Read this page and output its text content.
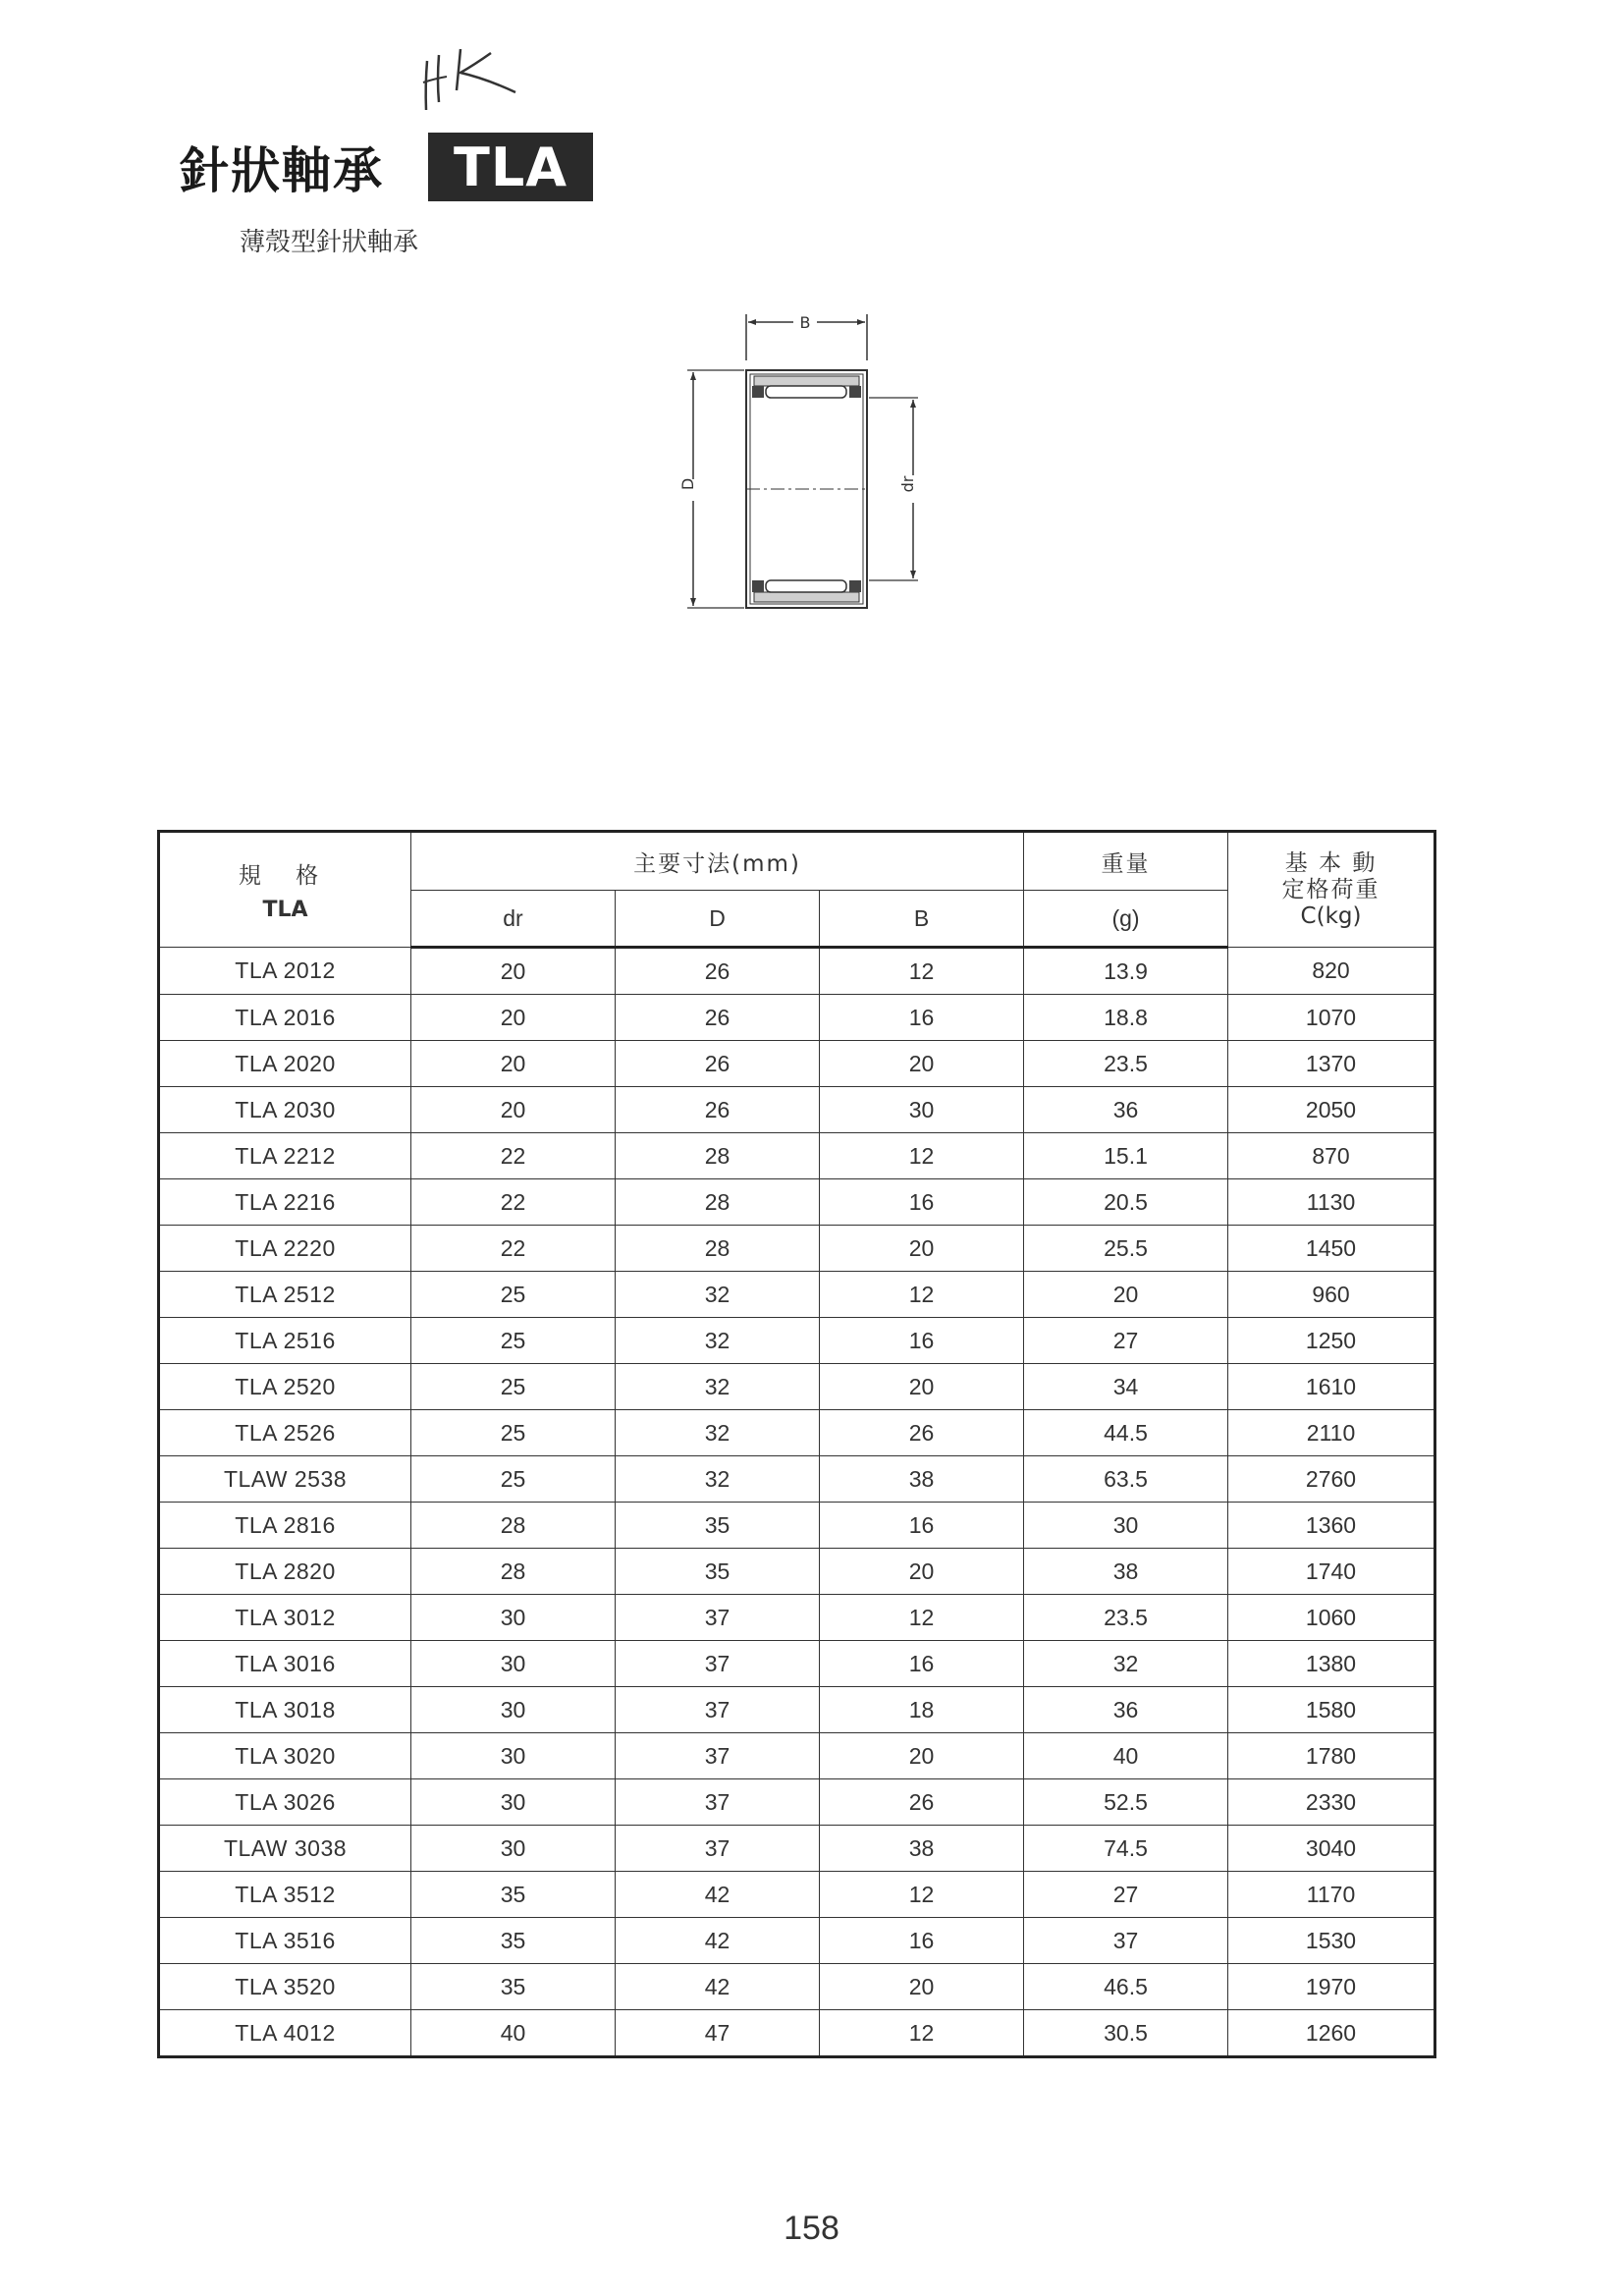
針狀軸承	TLA
薄殼型針狀軸承
B
D	dr
規 格
TLA	主要寸法(mm)			重量	基 本 動
定格荷重
C(kg)

	dr	D	B	(g)	
TLA 2012	20	26	12	13.9	820
TLA 2016	20	26	16	18.8	1070
TLA 2020	20	26	20	23.5	1370
TLA 2030	20	26	30	36	2050
TLA 2212	22	28	12	15.1	870
TLA 2216	22	28	16	20.5	1130
TLA 2220	22	28	20	25.5	1450
TLA 2512	25	32	12	20	960
TLA 2516	25	32	16	27	1250
TLA 2520	25	32	20	34	1610
TLA 2526	25	32	26	44.5	2110
TLAW 2538	25	32	38	63.5	2760
TLA 2816	28	35	16	30	1360
TLA 2820	28	35	20	38	1740
TLA 3012	30	37	12	23.5	1060
TLA 3016	30	37	16	32	1380
TLA 3018	30	37	18	36	1580
TLA 3020	30	37	20	40	1780
TLA 3026	30	37	26	52.5	2330
TLAW 3038	30	37	38	74.5	3040
TLA 3512	35	42	12	27	1170
TLA 3516	35	42	16	37	1530
TLA 3520	35	42	20	46.5	1970
TLA 4012	40	47	12	30.5	1260
158
